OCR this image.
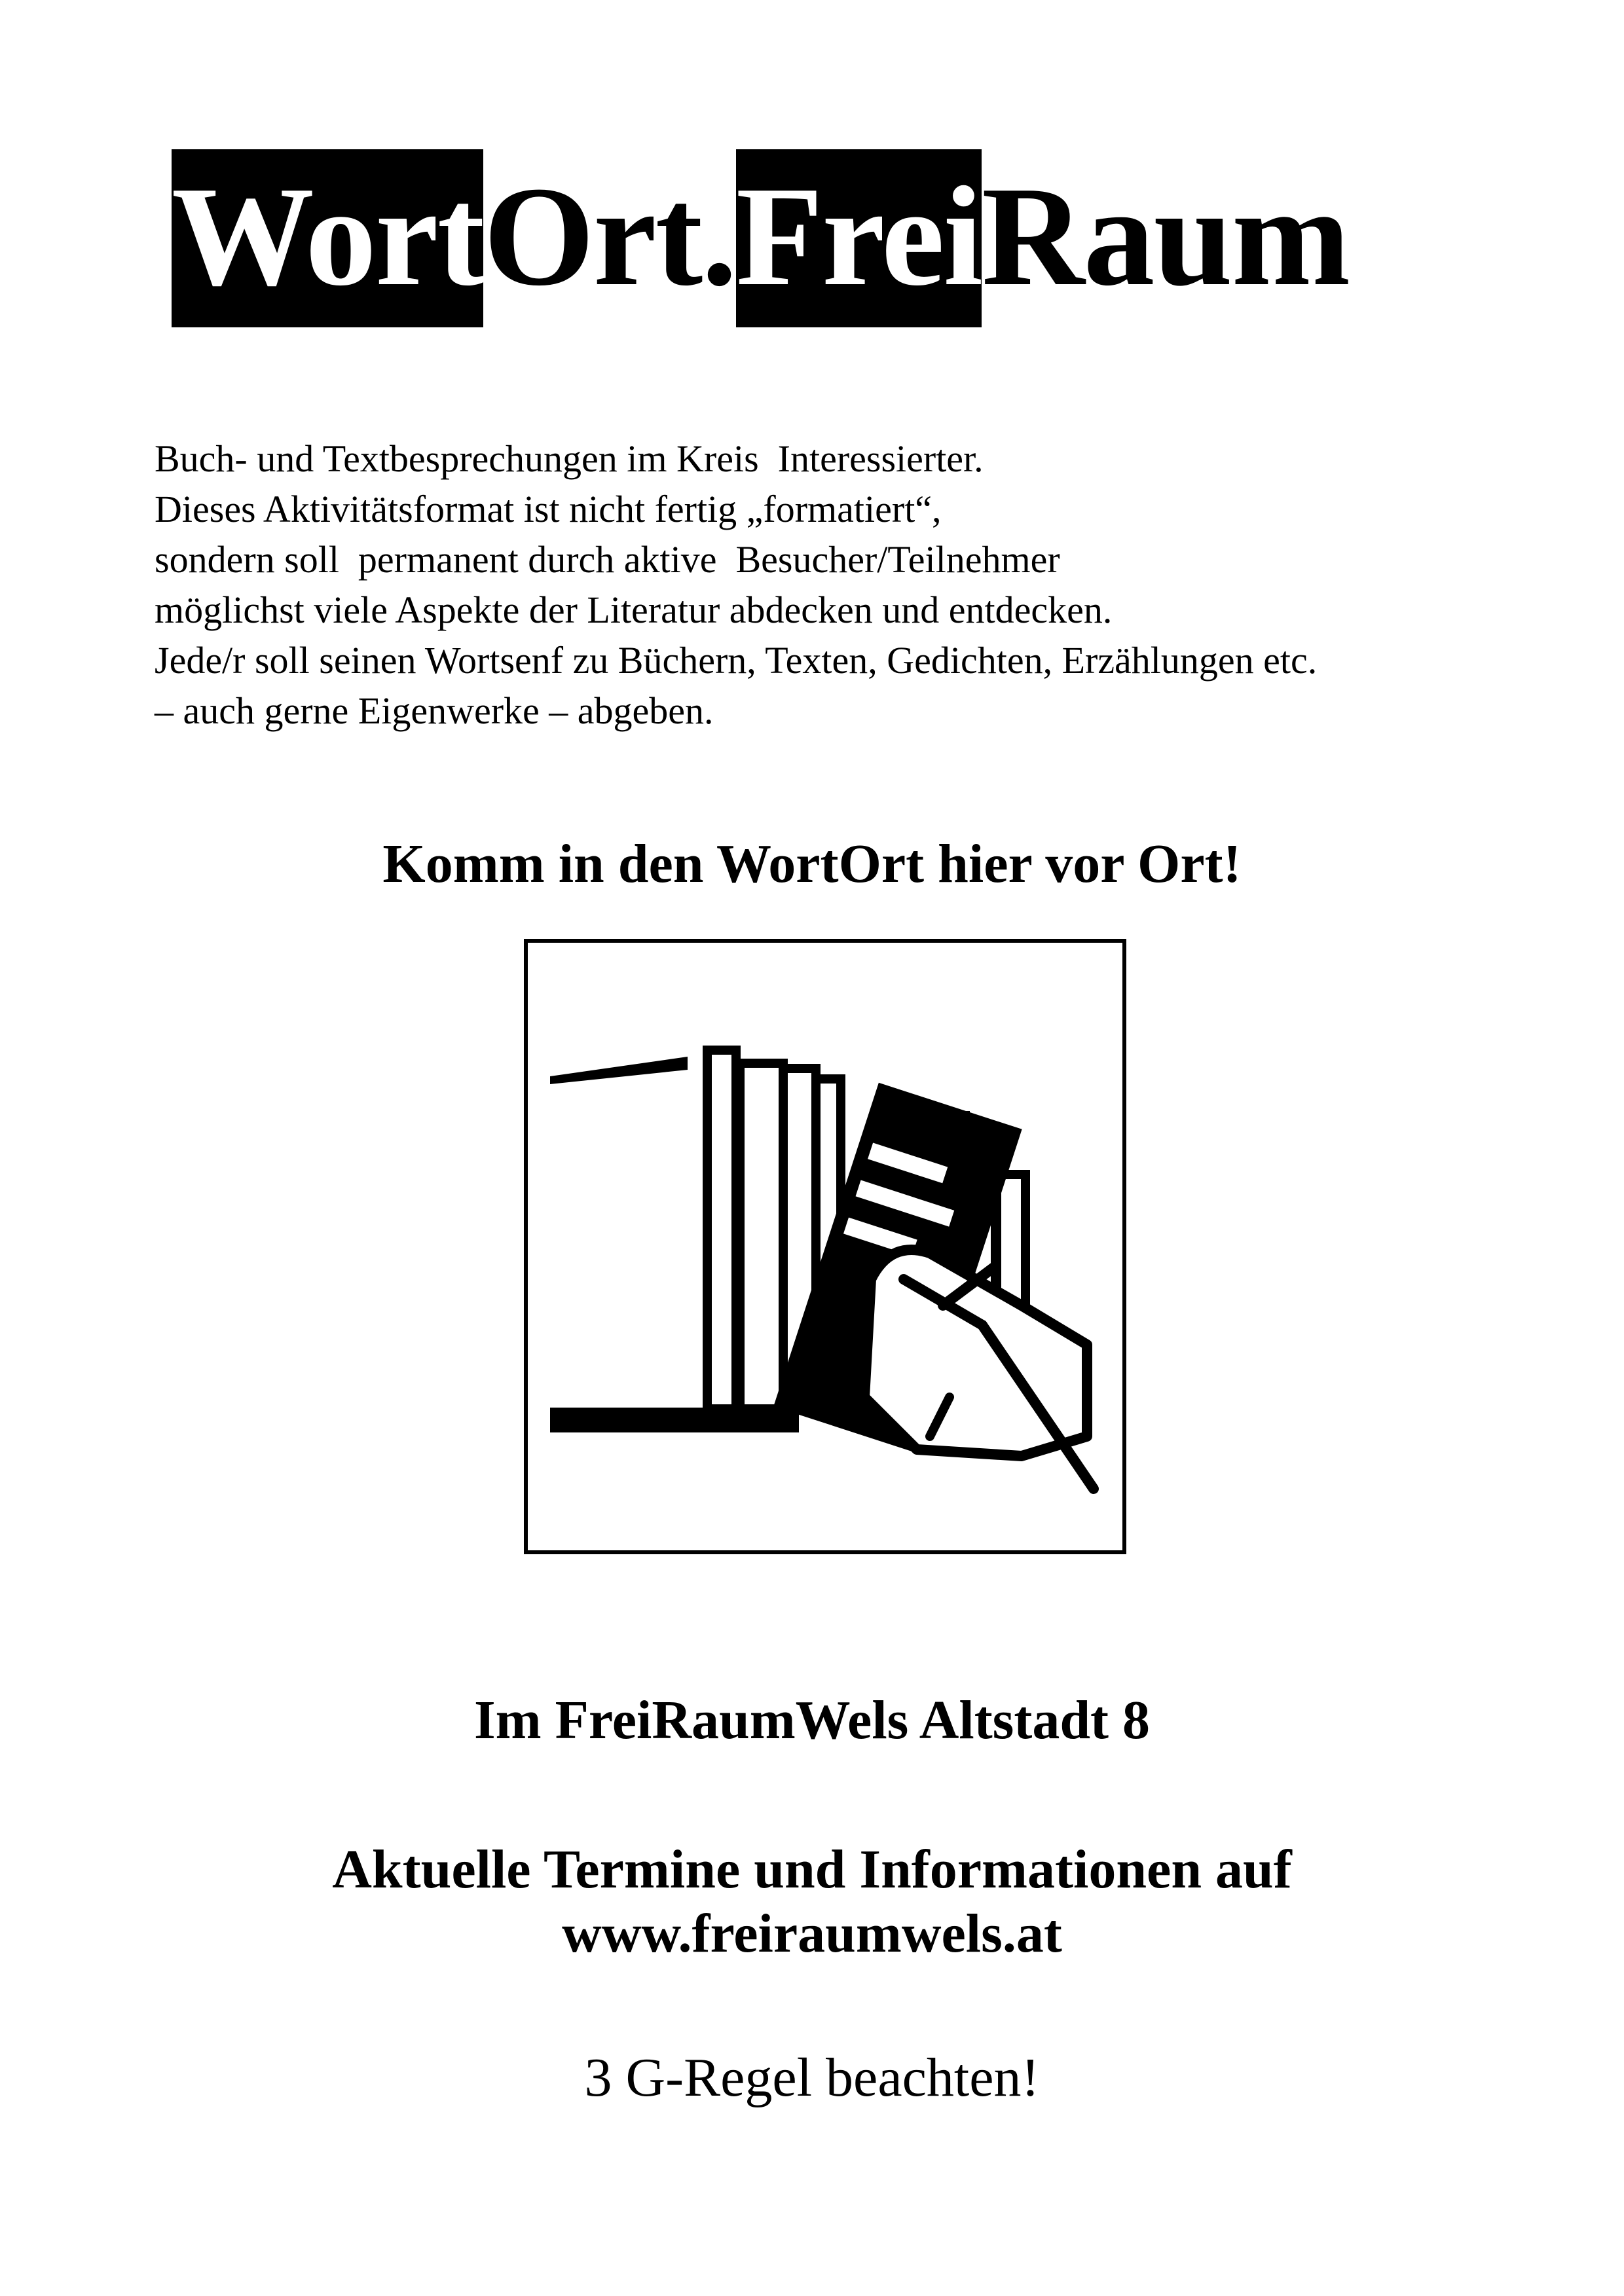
WortOrt.FreiRaum
Buch- und Textbesprechungen im Kreis  Interessierter.
Dieses Aktivitätsformat ist nicht fertig „formatiert“,
sondern soll  permanent durch aktive  Besucher/Teilnehmer
möglichst viele Aspekte der Literatur abdecken und entdecken.
Jede/r soll seinen Wortsenf zu Büchern, Texten, Gedichten, Erzählungen etc.
– auch gerne Eigenwerke – abgeben.
Komm in den WortOrt hier vor Ort!
Im FreiRaumWels Altstadt 8
Aktuelle Termine und Informationen auf
www.freiraumwels.at
3 G-Regel beachten!
